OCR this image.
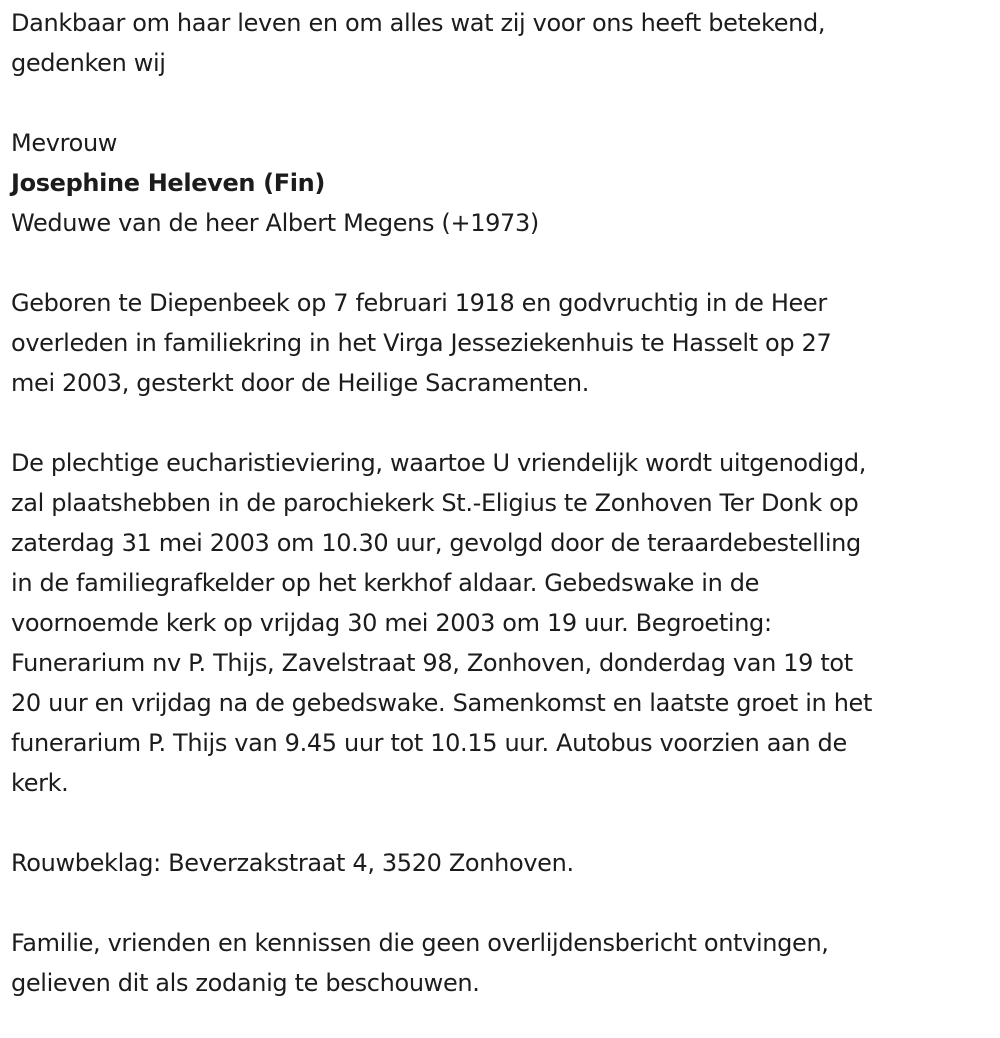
Dankbaar om haar leven en om alles wat zij voor ons heeft betekend,
gedenken wij

Mevrouw

Josephine Heleven (Fin)

Weduwe van de heer Albert Megens (+1973)

Geboren te Diepenbeek op 7 februari 1918 en godvruchtig in de Heer
overleden in familiekring in het Virga Jesseziekenhuis te Hasselt op 27
mei 2003, gesterkt door de Heilige Sacramenten.

De plechtige eucharistieviering, waartoe U vriendelijk wordt uitgenodigd,
zal plaatshebben in de parochiekerk St.-Eligius te Zonhoven Ter Donk op
zaterdag 31 mei 2003 om 10.30 uur, gevolgd door de teraardebestelling
in de familiegrafkelder op het kerkhof aldaar. Gebedswake in de
voornoemde kerk op vrijdag 30 mei 2003 om 19 uur. Begroeting:
Funerarium nv P. Thijs, Zavelstraat 98, Zonhoven, donderdag van 19 tot
20 uur en vrijdag na de gebedswake. Samenkomst en laatste groet in het
funerarium P. Thijs van 9.45 uur tot 10.15 uur. Autobus voorzien aan de
kerk.

Rouwbeklag: Beverzakstraat 4, 3520 Zonhoven.

Familie, vrienden en kennissen die geen overlijdensbericht ontvingen,
gelieven dit als zodanig te beschouwen.
